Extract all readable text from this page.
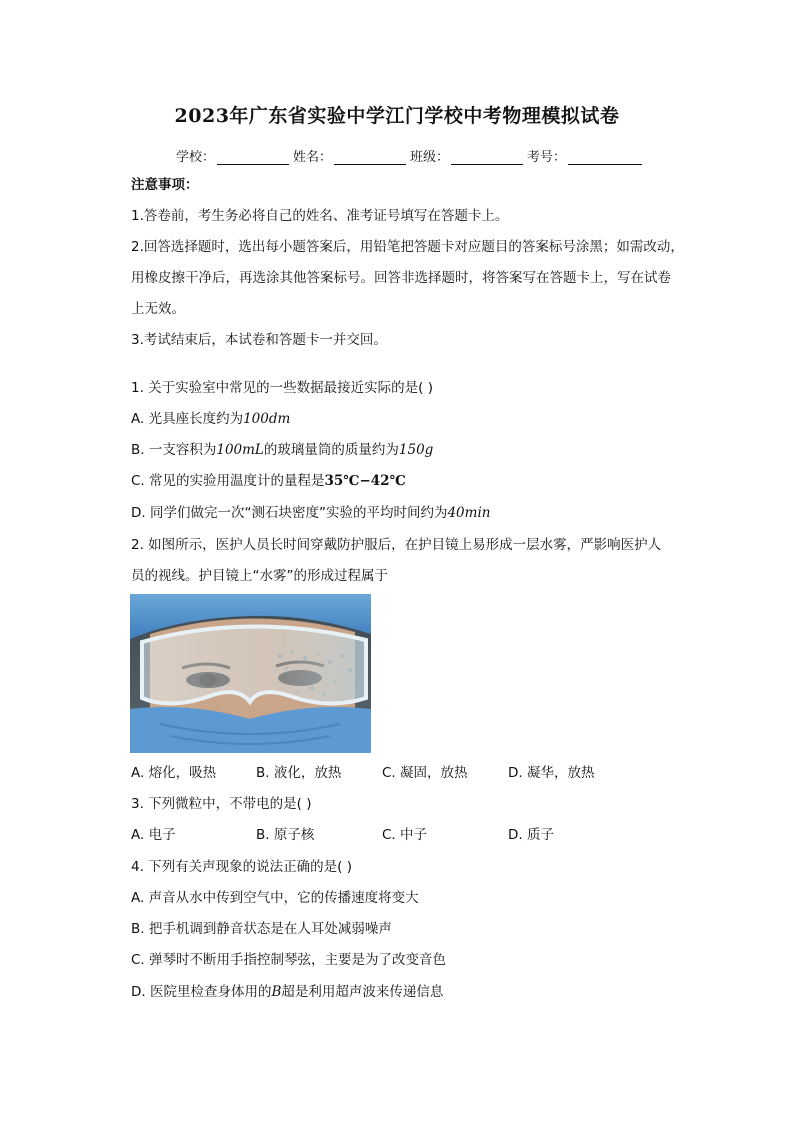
2023年广东省实验中学江门学校中考物理模拟试卷
学校：	姓名：	班级：	考号：
注意事项：
1.答卷前，考生务必将自己的姓名、准考证号填写在答题卡上。
2.回答选择题时，选出每小题答案后，用铅笔把答题卡对应题目的答案标号涂黑；如需改动，
用橡皮擦干净后，再选涂其他答案标号。回答非选择题时，将答案写在答题卡上，写在试卷
上无效。
3.考试结束后，本试卷和答题卡一并交回。
1. 关于实验室中常见的一些数据最接近实际的是( )
A. 光具座长度约为100dm
B. 一支容积为100mL的玻璃量筒的质量约为150g
C. 常见的实验用温度计的量程是35℃−42℃
D. 同学们做完一次“测石块密度”实验的平均时间约为40min
2. 如图所示，医护人员长时间穿戴防护服后，在护目镜上易形成一层水雾，严影响医护人
员的视线。护目镜上“水雾”的形成过程属于
A. 熔化，吸热	B. 液化，放热	C. 凝固，放热	D. 凝华，放热
3. 下列微粒中，不带电的是( )
A. 电子	B. 原子核	C. 中子	D. 质子
4. 下列有关声现象的说法正确的是( )
A. 声音从水中传到空气中，它的传播速度将变大
B. 把手机调到静音状态是在人耳处减弱噪声
C. 弹琴时不断用手指控制琴弦，主要是为了改变音色
D. 医院里检查身体用的B超是利用超声波来传递信息
